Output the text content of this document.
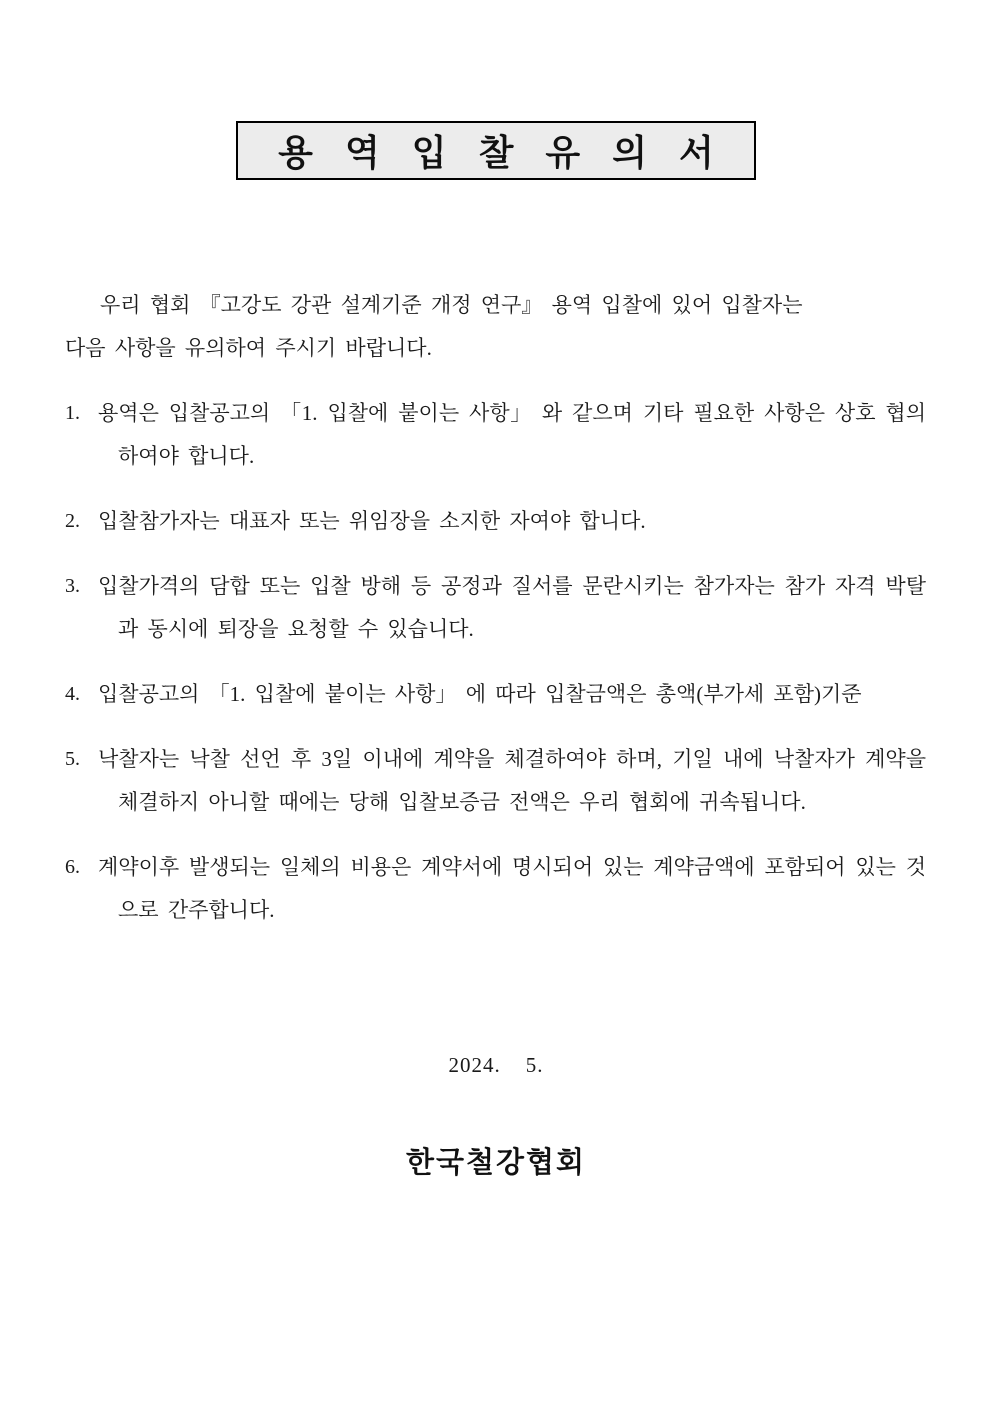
용 역 입 찰 유 의 서
우리 협회 『고강도 강관 설계기준 개정 연구』 용역 입찰에 있어 입찰자는
다음 사항을 유의하여 주시기 바랍니다.
1. 용역은 입찰공고의 「1. 입찰에 붙이는 사항」 와 같으며 기타 필요한 사항은 상호 협의하여야 합니다.
2. 입찰참가자는 대표자 또는 위임장을 소지한 자여야 합니다.
3. 입찰가격의 담합 또는 입찰 방해 등 공정과 질서를 문란시키는 참가자는 참가 자격 박탈과 동시에 퇴장을 요청할 수 있습니다.
4. 입찰공고의 「1. 입찰에 붙이는 사항」 에 따라 입찰금액은 총액(부가세 포함)기준
5. 낙찰자는 낙찰 선언 후 3일 이내에 계약을 체결하여야 하며, 기일 내에 낙찰자가 계약을 체결하지 아니할 때에는 당해 입찰보증금 전액은 우리 협회에 귀속됩니다.
6. 계약이후 발생되는 일체의 비용은 계약서에 명시되어 있는 계약금액에 포함되어 있는 것으로 간주합니다.
2024.    5.
한국철강협회
